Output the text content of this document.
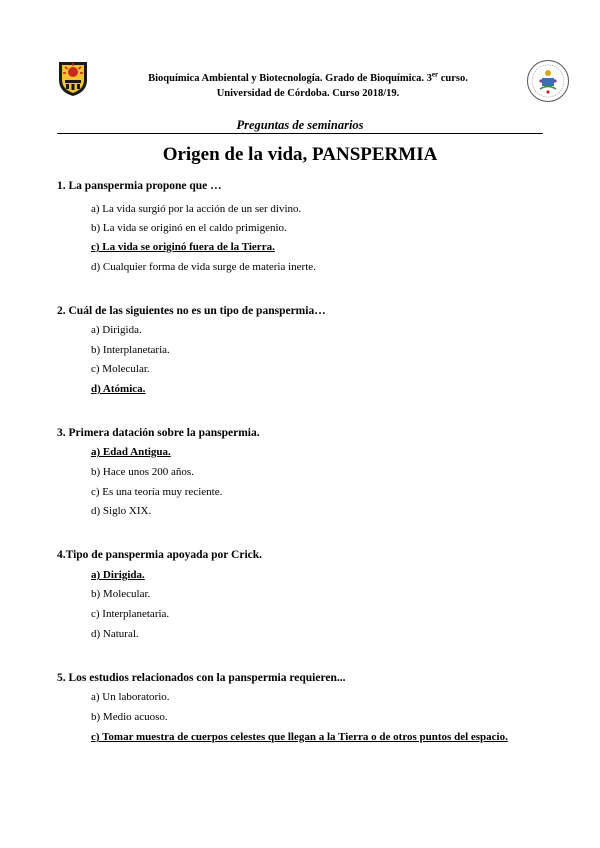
Bioquímica Ambiental y Biotecnología. Grado de Bioquímica. 3er curso.
Universidad de Córdoba. Curso 2018/19.
Preguntas de seminarios
Origen de la vida, PANSPERMIA
1. La panspermia propone que …
a) La vida surgió por la acción de un ser divino.
b) La vida se originó en el caldo primigenio.
c) La vida se originó fuera de la Tierra.
d) Cualquier forma de vida surge de materia inerte.
2. Cuál de las siguientes no es un tipo de panspermia…
a) Dirigida.
b) Interplanetaria.
c) Molecular.
d) Atómica.
3. Primera datación sobre la panspermia.
a) Edad Antigua.
b) Hace unos 200 años.
c) Es una teoría muy reciente.
d) Siglo XIX.
4.Tipo de panspermia apoyada por Crick.
a) Dirigida.
b) Molecular.
c) Interplanetaria.
d) Natural.
5. Los estudios relacionados con la panspermia requieren...
a) Un laboratorio.
b) Medio acuoso.
c) Tomar muestra de cuerpos celestes que llegan a la Tierra o de otros puntos del espacio.
